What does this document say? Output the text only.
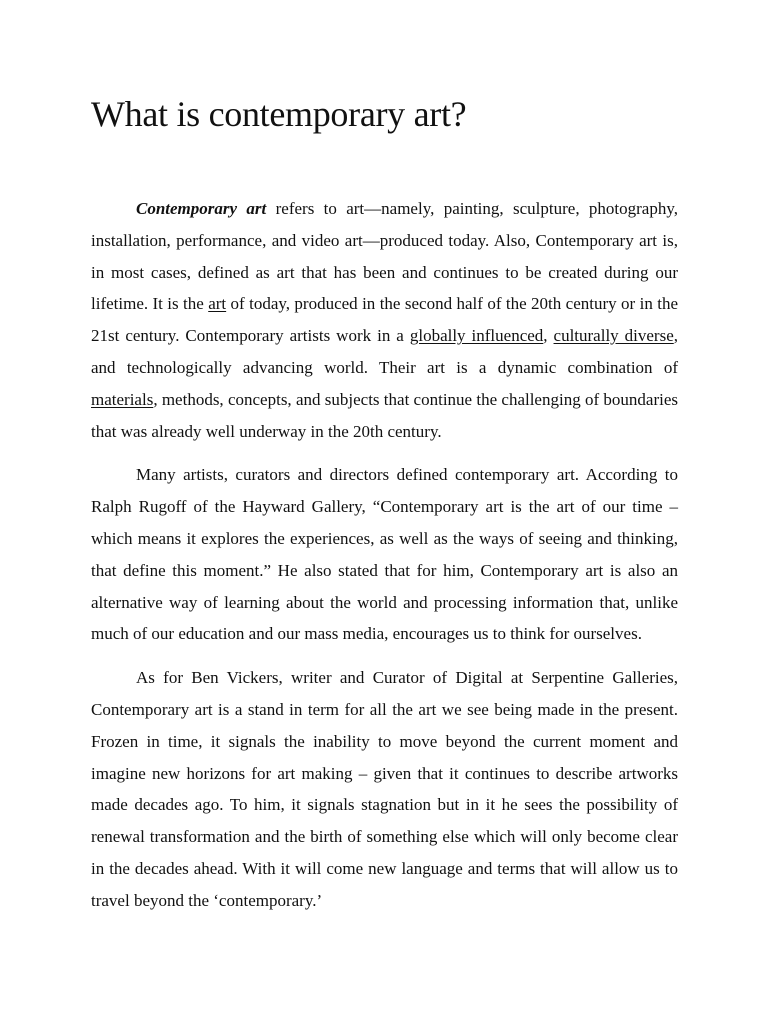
What is contemporary art?

Contemporary art refers to art—namely, painting, sculpture, photography, installation, performance, and video art—produced today. Also, Contemporary art is, in most cases, defined as art that has been and continues to be created during our lifetime. It is the art of today, produced in the second half of the 20th century or in the 21st century. Contemporary artists work in a globally influenced, culturally diverse, and technologically advancing world. Their art is a dynamic combination of materials, methods, concepts, and subjects that continue the challenging of boundaries that was already well underway in the 20th century.

Many artists, curators and directors defined contemporary art. According to Ralph Rugoff of the Hayward Gallery, “Contemporary art is the art of our time – which means it explores the experiences, as well as the ways of seeing and thinking, that define this moment.” He also stated that for him, Contemporary art is also an alternative way of learning about the world and processing information that, unlike much of our education and our mass media, encourages us to think for ourselves.

As for Ben Vickers, writer and Curator of Digital at Serpentine Galleries, Contemporary art is a stand in term for all the art we see being made in the present. Frozen in time, it signals the inability to move beyond the current moment and imagine new horizons for art making – given that it continues to describe artworks made decades ago. To him, it signals stagnation but in it he sees the possibility of renewal transformation and the birth of something else which will only become clear in the decades ahead. With it will come new language and terms that will allow us to travel beyond the ‘contemporary.’
